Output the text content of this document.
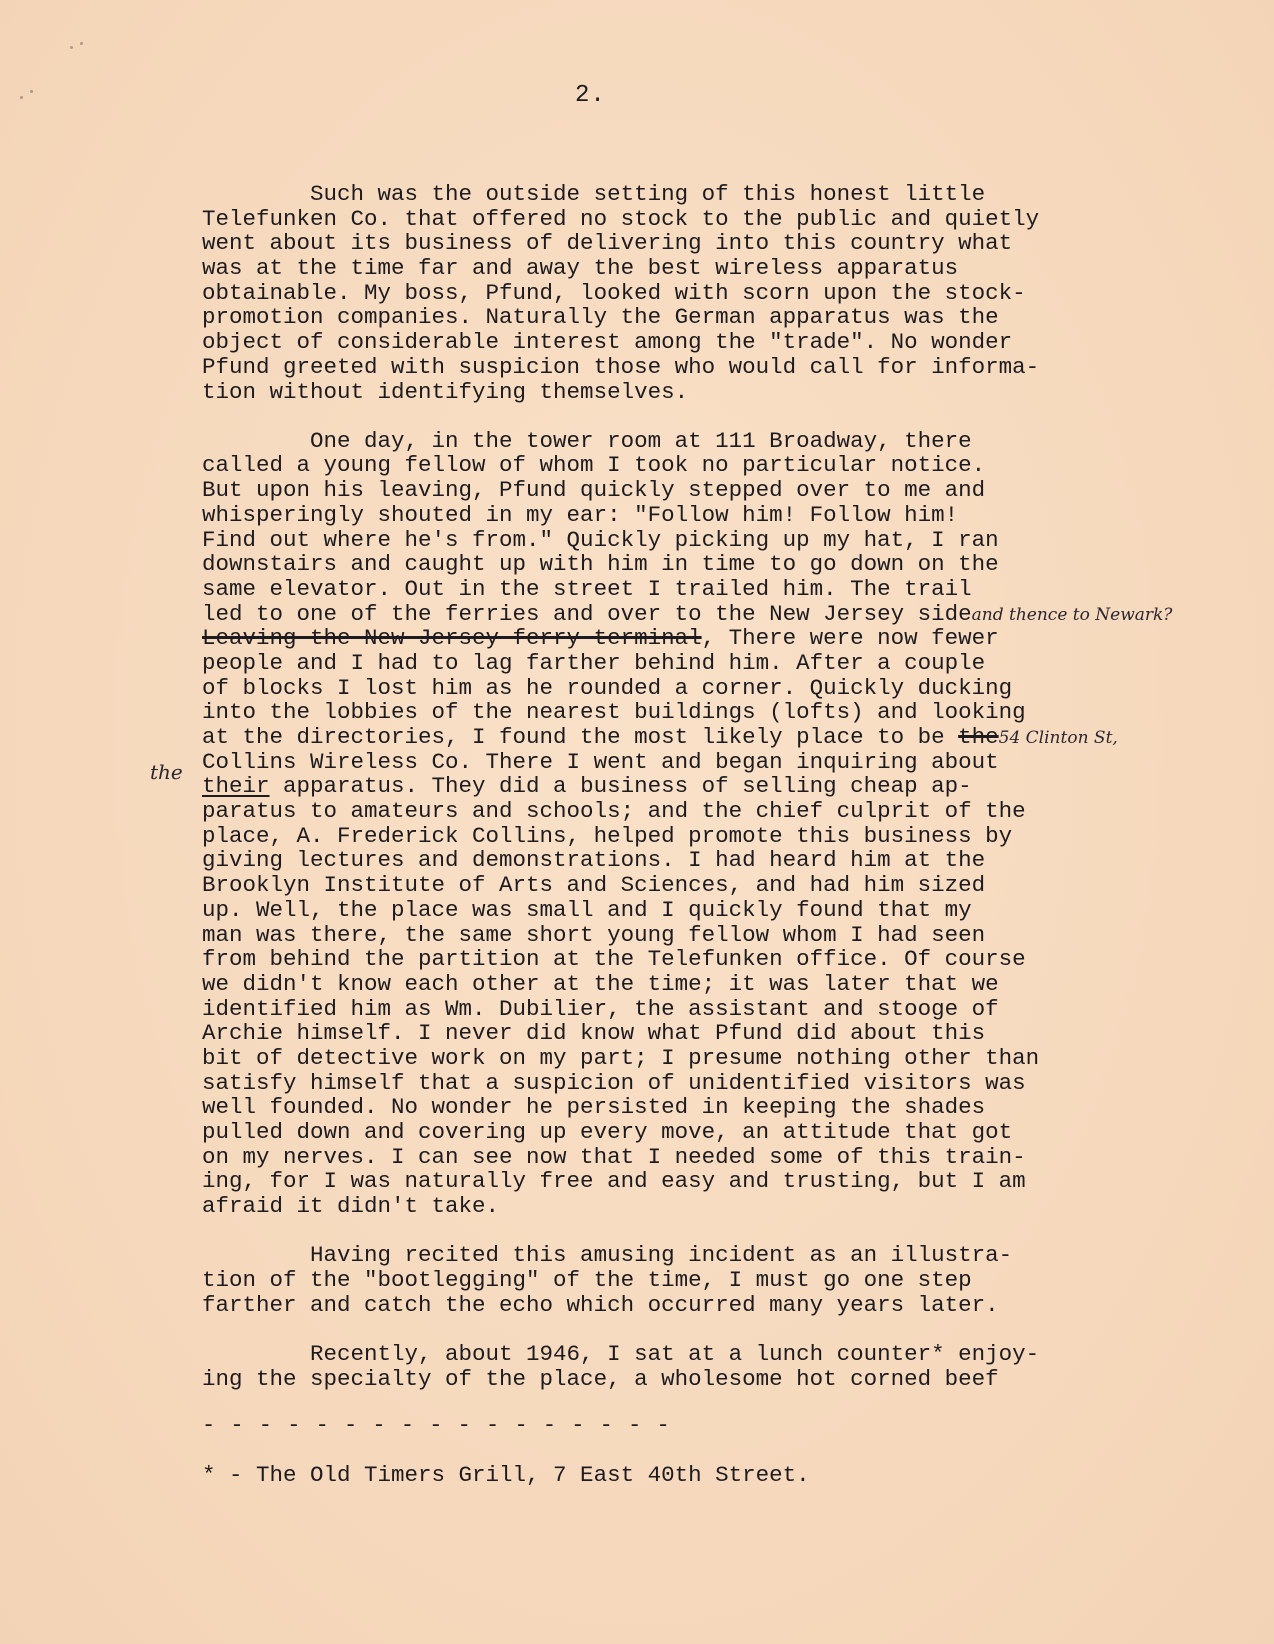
2.
the
Such was the outside setting of this honest little
Telefunken Co. that offered no stock to the public and quietly
went about its business of delivering into this country what
was at the time far and away the best wireless apparatus
obtainable. My boss, Pfund, looked with scorn upon the stock-
promotion companies. Naturally the German apparatus was the
object of considerable interest among the "trade". No wonder
Pfund greeted with suspicion those who would call for informa-
tion without identifying themselves.
One day, in the tower room at 111 Broadway, there
called a young fellow of whom I took no particular notice.
But upon his leaving, Pfund quickly stepped over to me and
whisperingly shouted in my ear: "Follow him! Follow him!
Find out where he's from." Quickly picking up my hat, I ran
downstairs and caught up with him in time to go down on the
same elevator. Out in the street I trailed him. The trail
led to one of the ferries and over to the New Jersey sideand thence to Newark?
Leaving the New Jersey ferry terminal, There were now fewer
people and I had to lag farther behind him. After a couple
of blocks I lost him as he rounded a corner. Quickly ducking
into the lobbies of the nearest buildings (lofts) and looking
at the directories, I found the most likely place to be the54 Clinton St,
Collins Wireless Co. There I went and began inquiring about
their apparatus. They did a business of selling cheap ap-
paratus to amateurs and schools; and the chief culprit of the
place, A. Frederick Collins, helped promote this business by
giving lectures and demonstrations. I had heard him at the
Brooklyn Institute of Arts and Sciences, and had him sized
up. Well, the place was small and I quickly found that my
man was there, the same short young fellow whom I had seen
from behind the partition at the Telefunken office. Of course
we didn't know each other at the time; it was later that we
identified him as Wm. Dubilier, the assistant and stooge of
Archie himself. I never did know what Pfund did about this
bit of detective work on my part; I presume nothing other than
satisfy himself that a suspicion of unidentified visitors was
well founded. No wonder he persisted in keeping the shades
pulled down and covering up every move, an attitude that got
on my nerves. I can see now that I needed some of this train-
ing, for I was naturally free and easy and trusting, but I am
afraid it didn't take.
Having recited this amusing incident as an illustra-
tion of the "bootlegging" of the time, I must go one step
farther and catch the echo which occurred many years later.
Recently, about 1946, I sat at a lunch counter* enjoy-
ing the specialty of the place, a wholesome hot corned beef
- - - - - - - - - - - - - - - - -
* - The Old Timers Grill, 7 East 40th Street.
